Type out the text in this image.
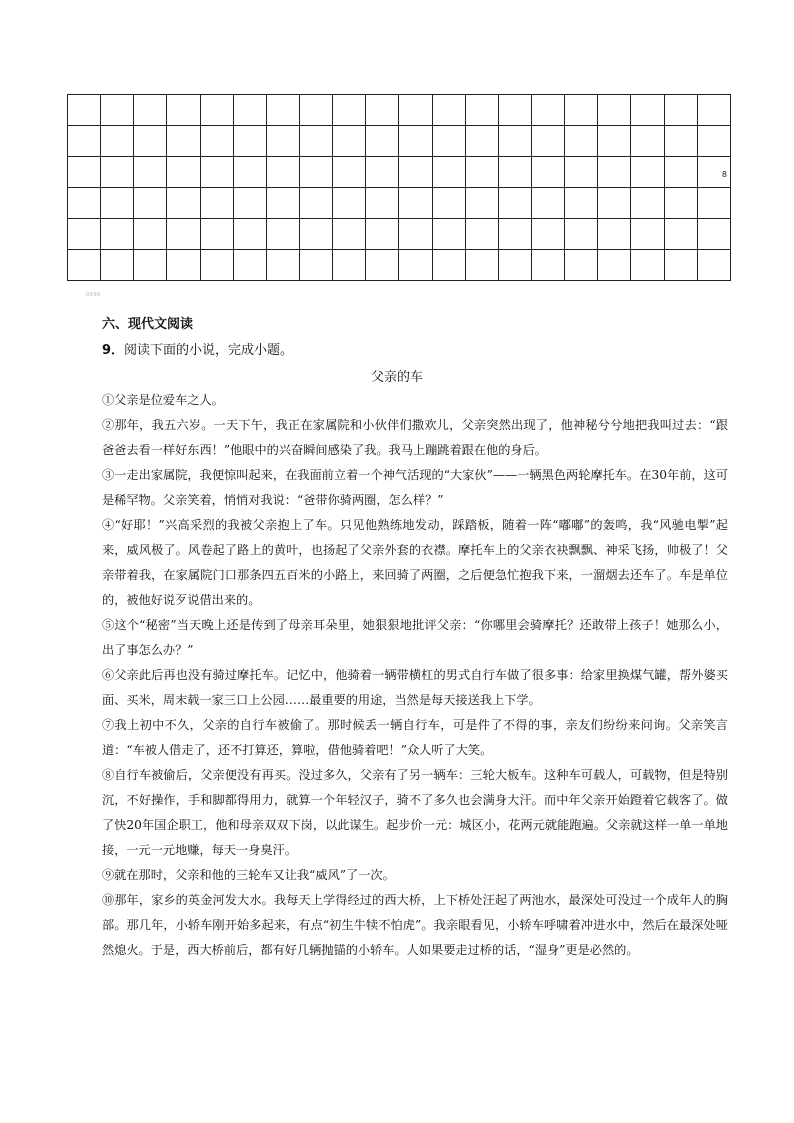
																			8

0000
六、现代文阅读

9．阅读下面的小说，完成小题。

父亲的车

①父亲是位爱车之人。

②那年，我五六岁。一天下午，我正在家属院和小伙伴们撒欢儿，父亲突然出现了，他神秘兮兮地把我叫过去：“跟爸爸去看一样好东西！”他眼中的兴奋瞬间感染了我。我马上蹦跳着跟在他的身后。

③一走出家属院，我便惊叫起来，在我面前立着一个神气活现的“大家伙”——一辆黑色两轮摩托车。在30年前，这可是稀罕物。父亲笑着，悄悄对我说：“爸带你骑两圈，怎么样？”

④“好耶！”兴高采烈的我被父亲抱上了车。只见他熟练地发动，踩踏板，随着一阵“嘟嘟”的轰鸣，我“风驰电掣”起来，威风极了。风卷起了路上的黄叶，也扬起了父亲外套的衣襟。摩托车上的父亲衣袂飘飘、神采飞扬，帅极了！父亲带着我，在家属院门口那条四五百米的小路上，来回骑了两圈，之后便急忙抱我下来，一溜烟去还车了。车是单位的，被他好说歹说借出来的。

⑤这个“秘密”当天晚上还是传到了母亲耳朵里，她狠狠地批评父亲：“你哪里会骑摩托？还敢带上孩子！她那么小，出了事怎么办？”

⑥父亲此后再也没有骑过摩托车。记忆中，他骑着一辆带横杠的男式自行车做了很多事：给家里换煤气罐，帮外婆买面、买米，周末载一家三口上公园……最重要的用途，当然是每天接送我上下学。

⑦我上初中不久，父亲的自行车被偷了。那时候丢一辆自行车，可是件了不得的事，亲友们纷纷来问询。父亲笑言道：“车被人借走了，还不打算还，算啦，借他骑着吧！”众人听了大笑。

⑧自行车被偷后，父亲便没有再买。没过多久，父亲有了另一辆车：三轮大板车。这种车可载人，可载物，但是特别沉，不好操作，手和脚都得用力，就算一个年轻汉子，骑不了多久也会满身大汗。而中年父亲开始蹬着它载客了。做了快20年国企职工，他和母亲双双下岗，以此谋生。起步价一元：城区小，花两元就能跑遍。父亲就这样一单一单地接，一元一元地赚，每天一身臭汗。

⑨就在那时，父亲和他的三轮车又让我“威风”了一次。

⑩那年，家乡的英金河发大水。我每天上学得经过的西大桥，上下桥处汪起了两池水，最深处可没过一个成年人的胸部。那几年，小轿车刚开始多起来，有点“初生牛犊不怕虎”。我亲眼看见，小轿车呼啸着冲进水中，然后在最深处哑然熄火。于是，西大桥前后，都有好几辆抛锚的小轿车。人如果要走过桥的话，“湿身”更是必然的。
